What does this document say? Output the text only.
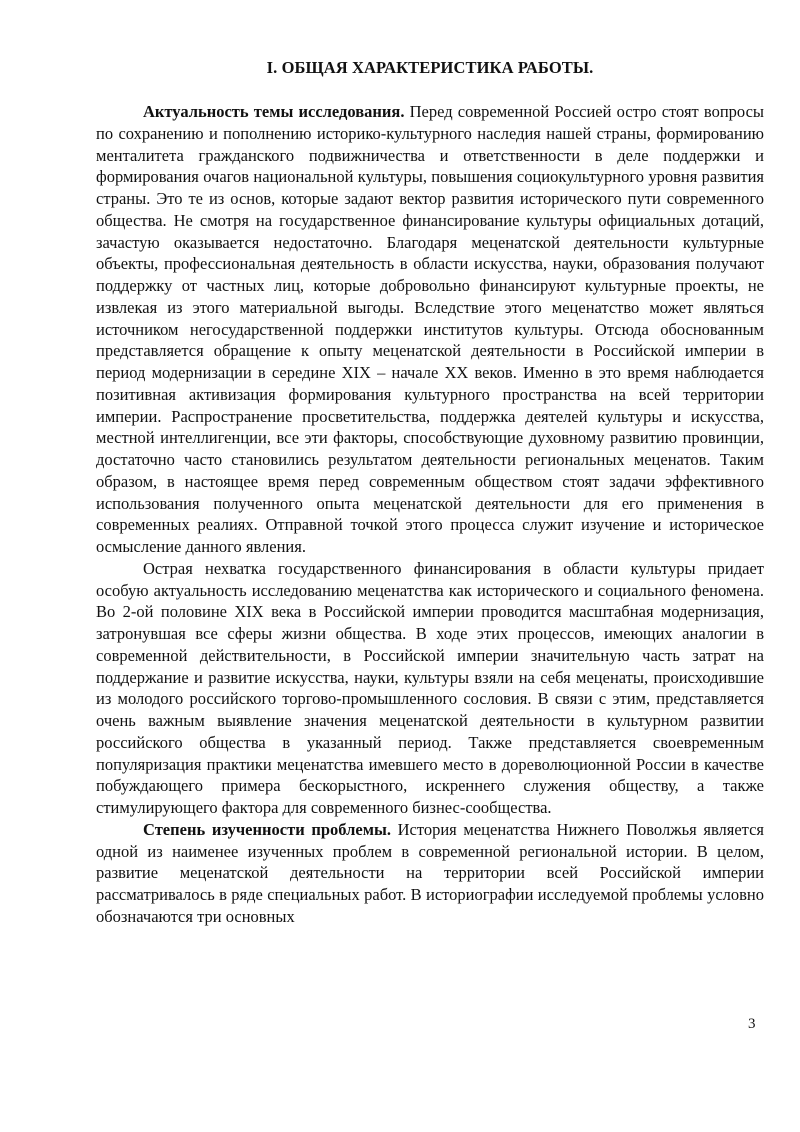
I. ОБЩАЯ ХАРАКТЕРИСТИКА РАБОТЫ.

Актуальность темы исследования. Перед современной Россией остро стоят вопросы по сохранению и пополнению историко-культурного наследия нашей страны, формированию менталитета гражданского подвижничества и ответственности в деле поддержки и формирования очагов национальной культуры, повышения социокультурного уровня развития страны. Это те из основ, которые задают вектор развития исторического пути современного общества. Не смотря на государственное финансирование культуры официальных дотаций, зачастую оказывается недостаточно. Благодаря меценатской деятельности культурные объекты, профессиональная деятельность в области искусства, науки, образования получают поддержку от частных лиц, которые добровольно финансируют культурные проекты, не извлекая из этого материальной выгоды. Вследствие этого меценатство может являться источником негосударственной поддержки институтов культуры. Отсюда обоснованным представляется обращение к опыту меценатской деятельности в Российской империи в период модернизации в середине XIX – начале XX веков. Именно в это время наблюдается позитивная активизация формирования культурного пространства на всей территории империи. Распространение просветительства, поддержка деятелей культуры и искусства, местной интеллигенции, все эти факторы, способствующие духовному развитию провинции, достаточно часто становились результатом деятельности региональных меценатов. Таким образом, в настоящее время перед современным обществом стоят задачи эффективного использования полученного опыта меценатской деятельности для его применения в современных реалиях. Отправной точкой этого процесса служит изучение и историческое осмысление данного явления.

Острая нехватка государственного финансирования в области культуры придает особую актуальность исследованию меценатства как исторического и социального феномена. Во 2-ой половине XIX века в Российской империи проводится масштабная модернизация, затронувшая все сферы жизни общества. В ходе этих процессов, имеющих аналогии в современной действительности, в Российской империи значительную часть затрат на поддержание и развитие искусства, науки, культуры взяли на себя меценаты, происходившие из молодого российского торгово-промышленного сословия. В связи с этим, представляется очень важным выявление значения меценатской деятельности в культурном развитии российского общества в указанный период. Также представляется своевременным популяризация практики меценатства имевшего место в дореволюционной России в качестве побуждающего примера бескорыстного, искреннего служения обществу, а также стимулирующего фактора для современного бизнес-сообщества.

Степень изученности проблемы. История меценатства Нижнего Поволжья является одной из наименее изученных проблем в современной региональной истории. В целом, развитие меценатской деятельности на территории всей Российской империи рассматривалось в ряде специальных работ. В историографии исследуемой проблемы условно обозначаются три основных

3
